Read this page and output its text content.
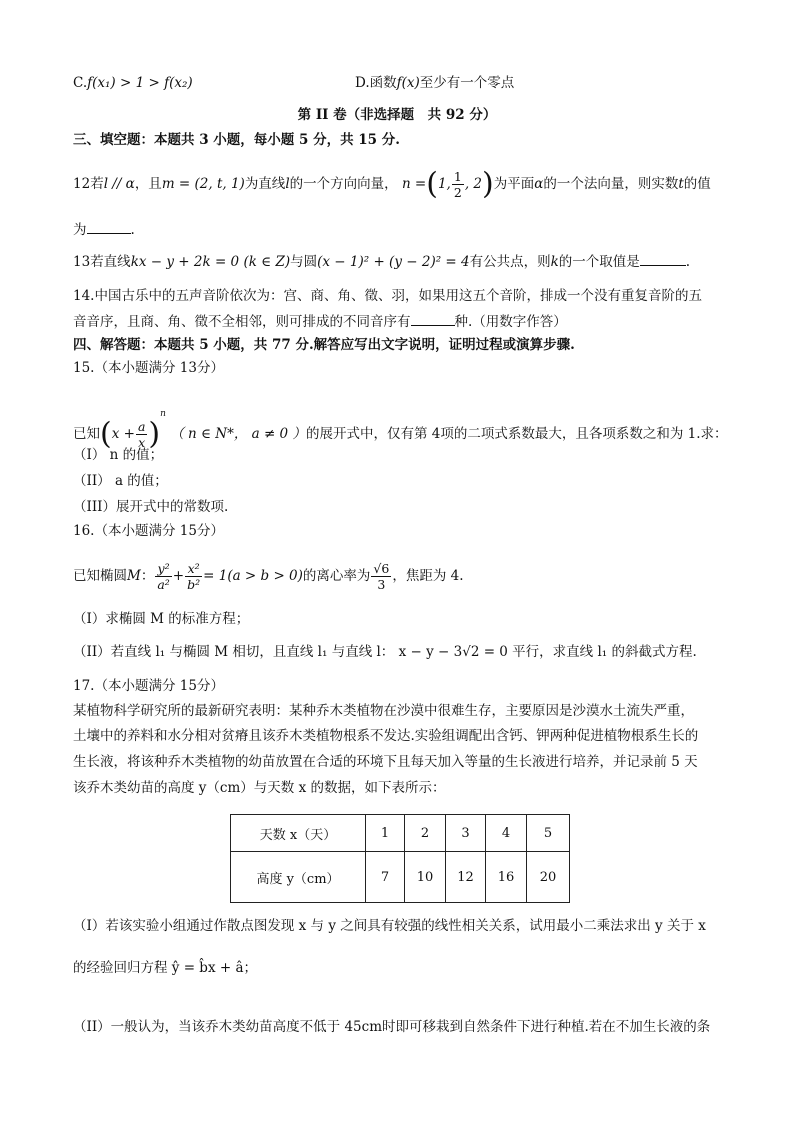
C.f(x₁) > 1 > f(x₂)	D.函数f(x)至少有一个零点
第 II 卷（非选择题　共 92 分）
三、填空题：本题共 3 小题，每小题 5 分，共 15 分.
12若l // α，且m = (2, t, 1)为直线l的一个方向向量， n =(1, $\frac{1}{2}$ , 2)为平面α的一个法向量，则实数t的值
为	.
13若直线kx − y + 2k = 0 (k ∈ Z)与圆(x − 1)² + (y − 2)² = 4有公共点，则k的一个取值是	.
14.中国古乐中的五声音阶依次为：宫、商、角、徵、羽，如果用这五个音阶，排成一个没有重复音阶的五
音音序，且商、角、徵不全相邻，则可排成的不同音序有	种.（用数字作答）
四、解答题：本题共 5 小题，共 77 分.解答应写出文字说明，证明过程或演算步骤.
15.（本小题满分 13分）
已知$(x + \frac{a}{x} )^n$ （ n ∈ N*， a ≠ 0 ）的展开式中，仅有第 4项的二项式系数最大，且各项系数之和为 1.求：
（I） n 的值；
（II） a 的值；
（III）展开式中的常数项.
16.（本小题满分 15分）
已知椭圆M： $\frac{\text{y²}}{\text{a²}} + \frac{\text{x²}}{\text{b²}} = 1(a > b > 0)$的离心率为 $\frac{√6}{3}$ ，焦距为 4.
（I）求椭圆 M 的标准方程；
（II）若直线 l₁ 与椭圆 M 相切，且直线 l₁ 与直线 l： x − y − 3√2 = 0 平行，求直线 l₁ 的斜截式方程.
17.（本小题满分 15分）
某植物科学研究所的最新研究表明：某种乔木类植物在沙漠中很难生存，主要原因是沙漠水土流失严重，
土壤中的养料和水分相对贫瘠且该乔木类植物根系不发达.实验组调配出含钙、钾两种促进植物根系生长的
生长液，将该种乔木类植物的幼苗放置在合适的环境下且每天加入等量的生长液进行培养，并记录前 5 天
该乔木类幼苗的高度 y（cm）与天数 x 的数据，如下表所示：
天数 x（天）	1	2	3	4	5
高度 y（cm）	7	10	12	16	20
（I）若该实验小组通过作散点图发现 x 与 y 之间具有较强的线性相关关系，试用最小二乘法求出 y 关于 x
的经验回归方程 ŷ = b̂x + â；
（II）一般认为，当该乔木类幼苗高度不低于 45cm时即可移栽到自然条件下进行种植.若在不加生长液的条
